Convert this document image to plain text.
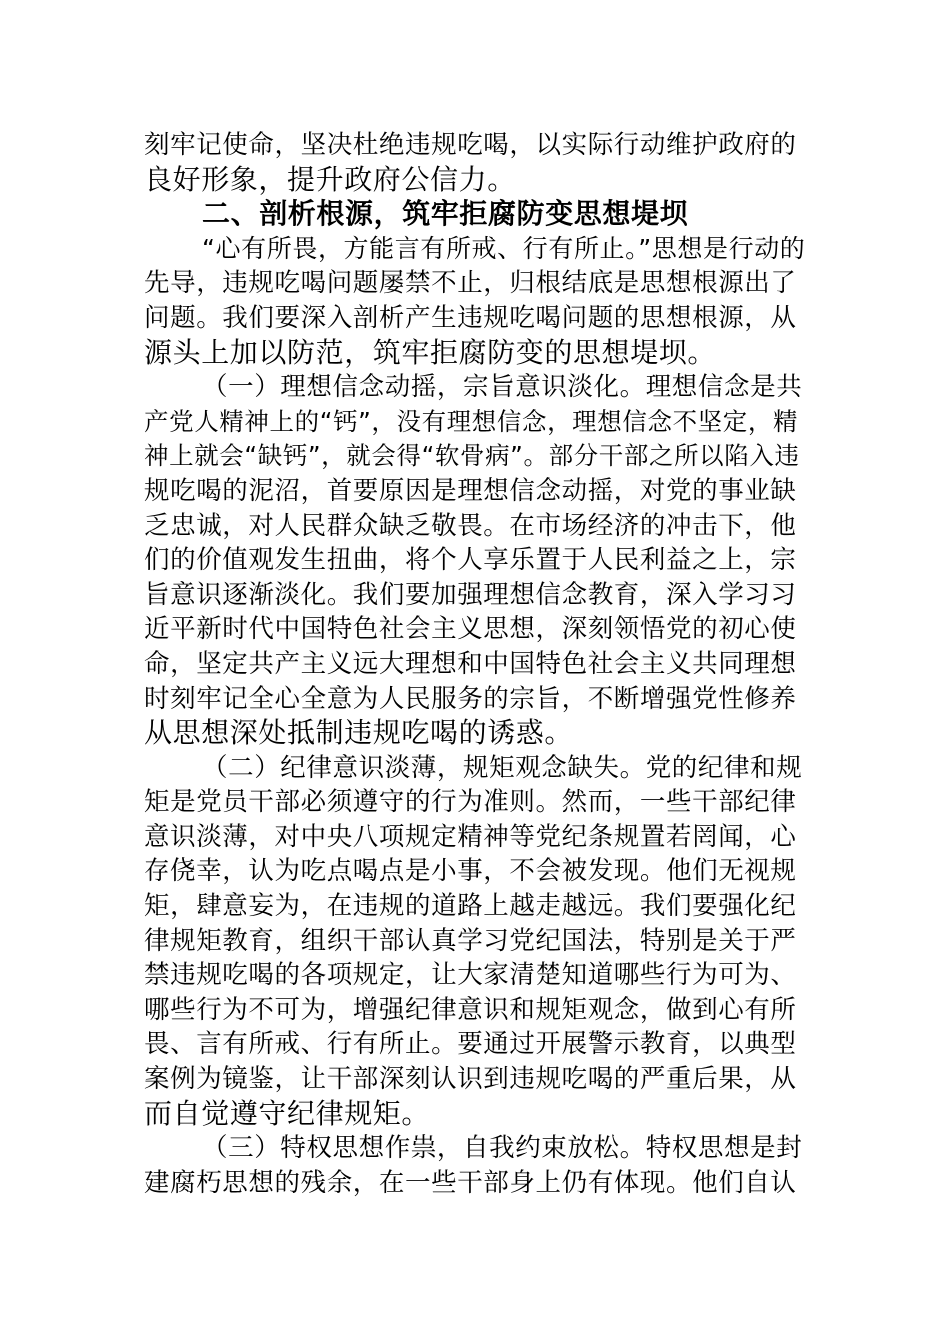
刻牢记使命，坚决杜绝违规吃喝，以实际行动维护政府的
良好形象，提升政府公信力。
二、剖析根源，筑牢拒腐防变思想堤坝
“心有所畏，方能言有所戒、行有所止。”思想是行动的
先导，违规吃喝问题屡禁不止，归根结底是思想根源出了
问题。我们要深入剖析产生违规吃喝问题的思想根源，从
源头上加以防范，筑牢拒腐防变的思想堤坝。
（一）理想信念动摇，宗旨意识淡化。理想信念是共
产党人精神上的“钙”，没有理想信念，理想信念不坚定，精
神上就会“缺钙”，就会得“软骨病”。部分干部之所以陷入违
规吃喝的泥沼，首要原因是理想信念动摇，对党的事业缺
乏忠诚，对人民群众缺乏敬畏。在市场经济的冲击下，他
们的价值观发生扭曲，将个人享乐置于人民利益之上，宗
旨意识逐渐淡化。我们要加强理想信念教育，深入学习习
近平新时代中国特色社会主义思想，深刻领悟党的初心使
命，坚定共产主义远大理想和中国特色社会主义共同理想
时刻牢记全心全意为人民服务的宗旨，不断增强党性修养
从思想深处抵制违规吃喝的诱惑。
（二）纪律意识淡薄，规矩观念缺失。党的纪律和规
矩是党员干部必须遵守的行为准则。然而，一些干部纪律
意识淡薄，对中央八项规定精神等党纪条规置若罔闻，心
存侥幸，认为吃点喝点是小事，不会被发现。他们无视规
矩，肆意妄为，在违规的道路上越走越远。我们要强化纪
律规矩教育，组织干部认真学习党纪国法，特别是关于严
禁违规吃喝的各项规定，让大家清楚知道哪些行为可为、
哪些行为不可为，增强纪律意识和规矩观念，做到心有所
畏、言有所戒、行有所止。要通过开展警示教育，以典型
案例为镜鉴，让干部深刻认识到违规吃喝的严重后果，从
而自觉遵守纪律规矩。
（三）特权思想作祟，自我约束放松。特权思想是封
建腐朽思想的残余，在一些干部身上仍有体现。他们自认
